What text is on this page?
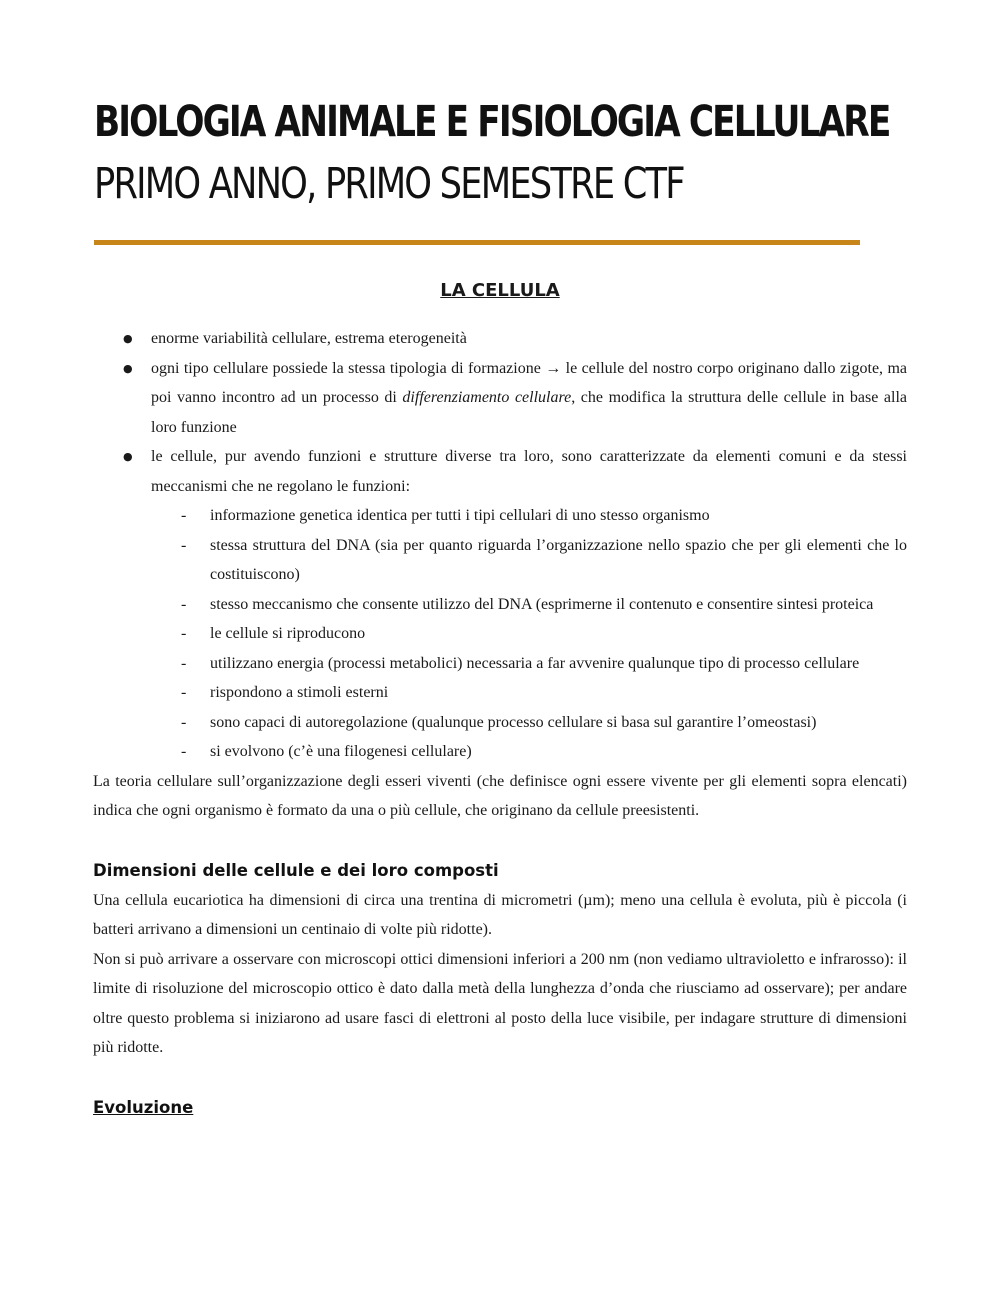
BIOLOGIA ANIMALE E FISIOLOGIA CELLULARE
PRIMO ANNO, PRIMO SEMESTRE CTF
LA CELLULA
● enorme variabilità cellulare, estrema eterogeneità
● ogni tipo cellulare possiede la stessa tipologia di formazione → le cellule del nostro corpo originano dallo zigote, ma poi vanno incontro ad un processo di differenziamento cellulare, che modifica la struttura delle cellule in base alla loro funzione
● le cellule, pur avendo funzioni e strutture diverse tra loro, sono caratterizzate da elementi comuni e da stessi meccanismi che ne regolano le funzioni:
- informazione genetica identica per tutti i tipi cellulari di uno stesso organismo
- stessa struttura del DNA (sia per quanto riguarda l’organizzazione nello spazio che per gli elementi che lo costituiscono)
- stesso meccanismo che consente utilizzo del DNA (esprimerne il contenuto e consentire sintesi proteica
- le cellule si riproducono
- utilizzano energia (processi metabolici) necessaria a far avvenire qualunque tipo di processo cellulare
- rispondono a stimoli esterni
- sono capaci di autoregolazione (qualunque processo cellulare si basa sul garantire l’omeostasi)
- si evolvono (c’è una filogenesi cellulare)

La teoria cellulare sull’organizzazione degli esseri viventi (che definisce ogni essere vivente per gli elementi sopra elencati) indica che ogni organismo è formato da una o più cellule, che originano da cellule preesistenti.

Dimensioni delle cellule e dei loro composti

Una cellula eucariotica ha dimensioni di circa una trentina di micrometri (µm); meno una cellula è evoluta, più è piccola (i batteri arrivano a dimensioni un centinaio di volte più ridotte).

Non si può arrivare a osservare con microscopi ottici dimensioni inferiori a 200 nm (non vediamo ultravioletto e infrarosso): il limite di risoluzione del microscopio ottico è dato dalla metà della lunghezza d’onda che riusciamo ad osservare); per andare oltre questo problema si iniziarono ad usare fasci di elettroni al posto della luce visibile, per indagare strutture di dimensioni più ridotte.

Evoluzione
